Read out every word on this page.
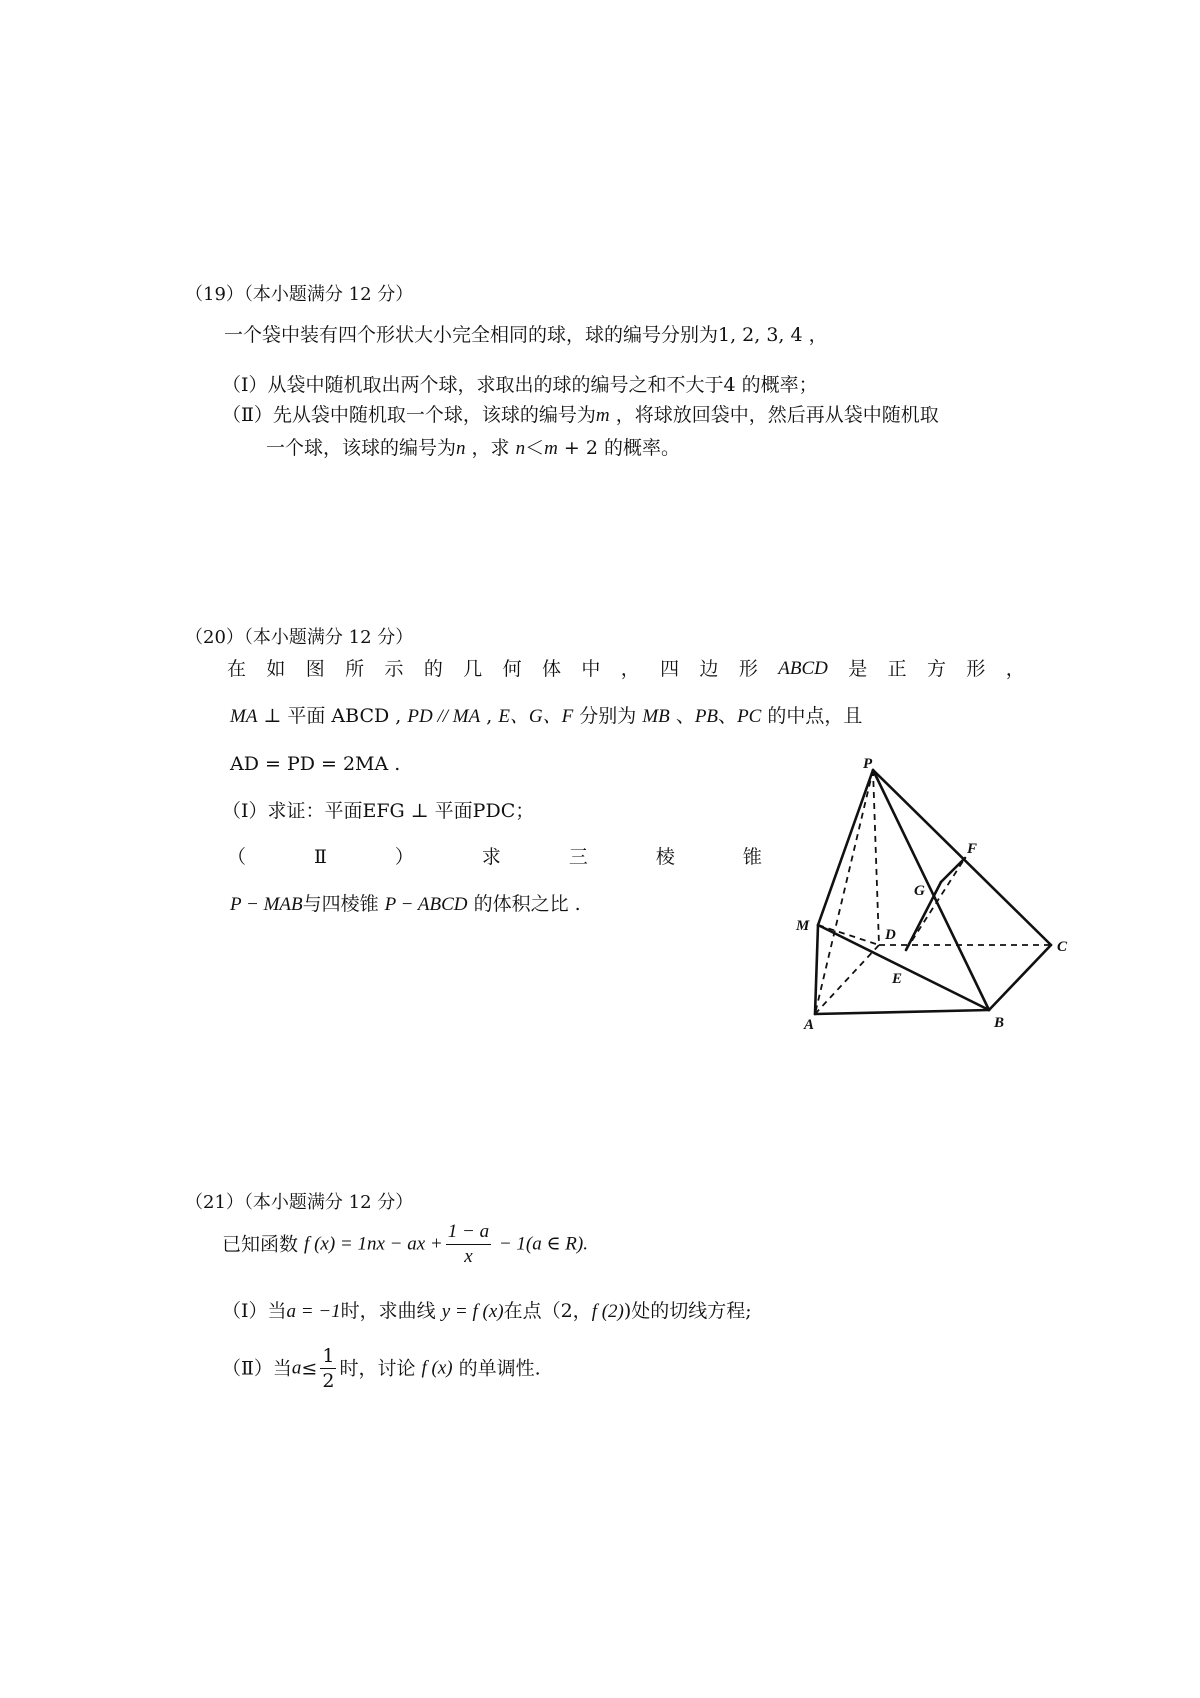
（19）（本小题满分 12 分）
一个袋中装有四个形状大小完全相同的球，球的编号分别为1, 2, 3, 4 ，
（Ⅰ）从袋中随机取出两个球，求取出的球的编号之和不大于4 的概率；
（Ⅱ）先从袋中随机取一个球，该球的编号为m ，将球放回袋中，然后再从袋中随机取
一个球，该球的编号为n ，求 n＜m + 2 的概率。
（20）（本小题满分 12 分）
在 如 图 所 示 的 几 何 体 中 ， 四 边 形 ABCD 是 正 方 形 ，
MA ⊥ 平面 ABCD , PD // MA , E、G、F 分别为 MB 、PB、PC 的中点，且
AD = PD = 2MA .
（Ⅰ）求证：平面EFG ⊥ 平面PDC；
（	Ⅱ	）	求	三	棱	锥
P − MAB与四棱锥 P − ABCD 的体积之比 .
P
F
G
M
D
C
E
A	B
（21）（本小题满分 12 分）
已知函数 f (x) = 1nx − ax + $\frac{1 - a}{x} - 1(a$ ∈ R).
（Ⅰ）当a = −1时，求曲线 y = f (x)在点（2，f (2))处的切线方程;
（Ⅱ）当$a\le \frac{1}{2}$ 时，讨论 f (x) 的单调性.
